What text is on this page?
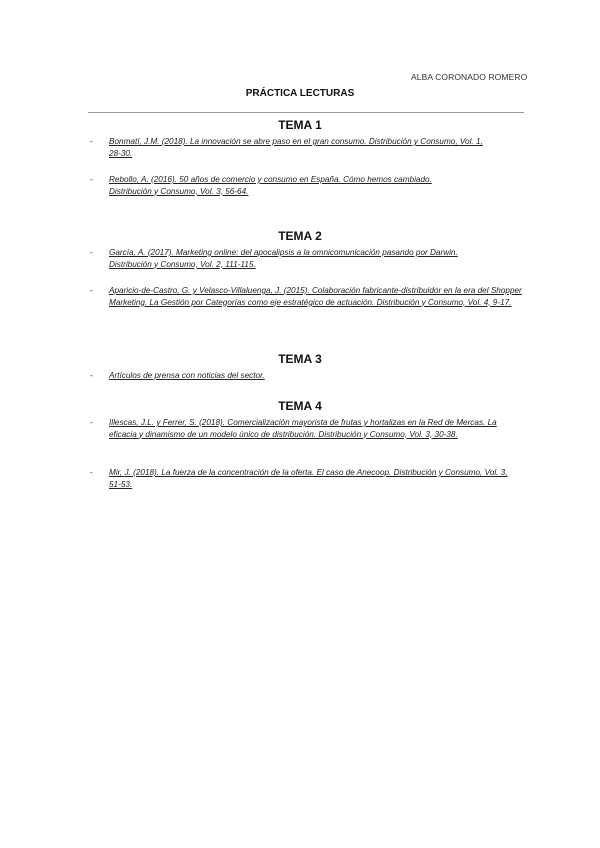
ALBA CORONADO ROMERO
PRÁCTICA LECTURAS
TEMA 1
- Bonmatí, J.M. (2018). La innovación se abre paso en el gran consumo. Distribución y Consumo, Vol. 1, 28-30.
- Rebollo, A. (2016). 50 años de comercio y consumo en España. Cómo hemos cambiado. Distribución y Consumo, Vol. 3, 56-64.
TEMA 2
- García, A. (2017). Marketing online: del apocalipsis a la omnicomunicación pasando por Darwin. Distribución y Consumo, Vol. 2, 111-115.
- Aparicio-de-Castro, G. y Velasco-Villaluenga, J. (2015). Colaboración fabricante-distribuidor en la era del Shopper Marketing. La Gestión por Categorías como eje estratégico de actuación. Distribución y Consumo, Vol. 4, 9-17.
TEMA 3
- Artículos de prensa con noticias del sector.
TEMA 4
- Illescas, J.L. y Ferrer, S. (2018). Comercialización mayorista de frutas y hortalizas en la Red de Mercas. La eficacia y dinamismo de un modelo único de distribución. Distribución y Consumo, Vol. 3, 30-38.
- Mir, J. (2018). La fuerza de la concentración de la oferta. El caso de Anecoop. Distribución y Consumo, Vol. 3, 51-53.
